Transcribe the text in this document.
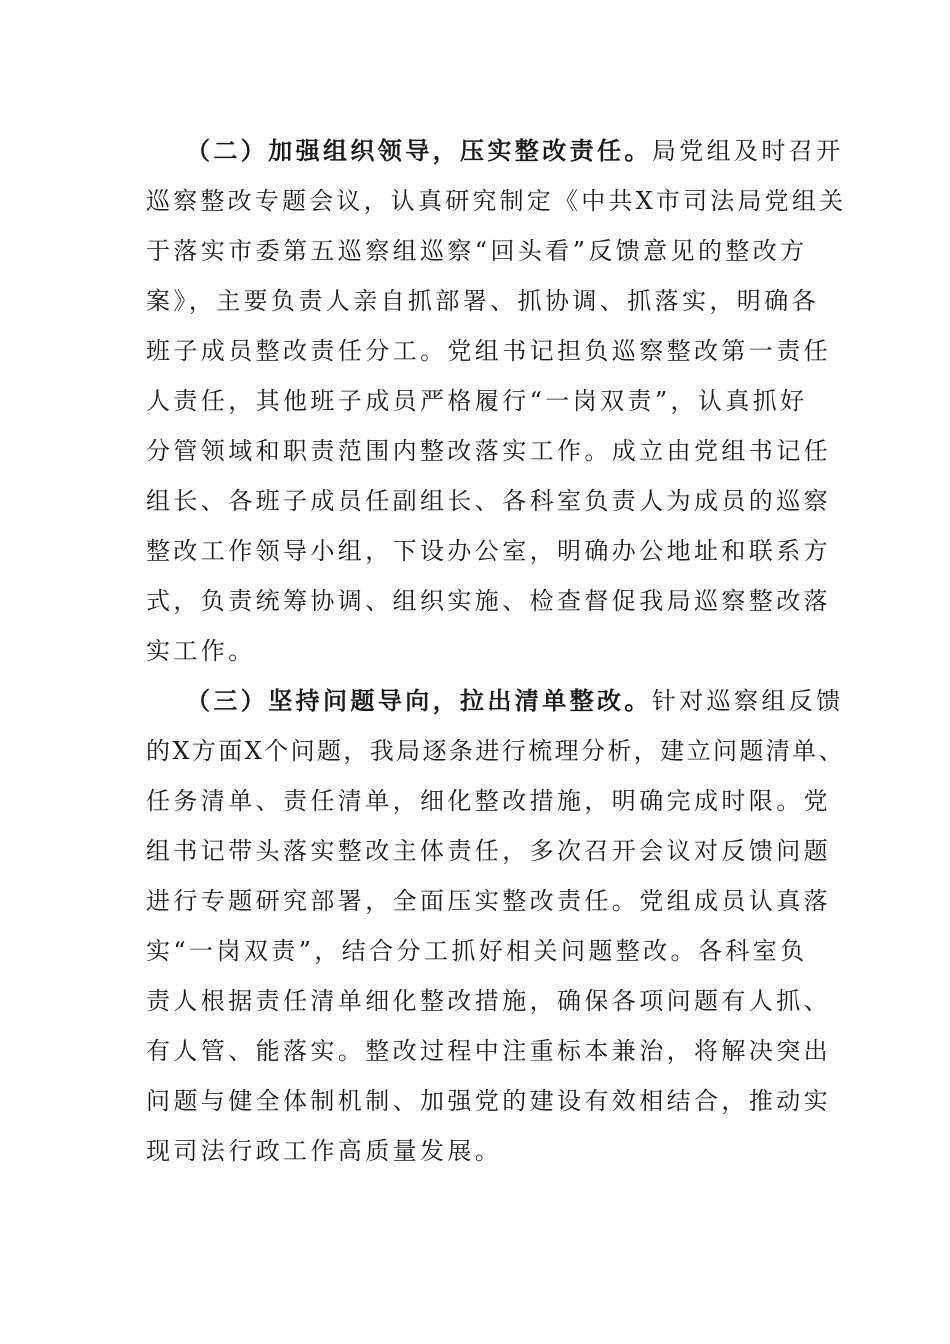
（二）加强组织领导，压实整改责任。局党组及时召开
巡察整改专题会议，认真研究制定《中共X市司法局党组关
于落实市委第五巡察组巡察“回头看”反馈意见的整改方
案》，主要负责人亲自抓部署、抓协调、抓落实，明确各
班子成员整改责任分工。党组书记担负巡察整改第一责任
人责任，其他班子成员严格履行“一岗双责”，认真抓好
分管领域和职责范围内整改落实工作。成立由党组书记任
组长、各班子成员任副组长、各科室负责人为成员的巡察
整改工作领导小组，下设办公室，明确办公地址和联系方
式，负责统筹协调、组织实施、检查督促我局巡察整改落
实工作。
（三）坚持问题导向，拉出清单整改。针对巡察组反馈
的X方面X个问题，我局逐条进行梳理分析，建立问题清单、
任务清单、责任清单，细化整改措施，明确完成时限。党
组书记带头落实整改主体责任，多次召开会议对反馈问题
进行专题研究部署，全面压实整改责任。党组成员认真落
实“一岗双责”，结合分工抓好相关问题整改。各科室负
责人根据责任清单细化整改措施，确保各项问题有人抓、
有人管、能落实。整改过程中注重标本兼治，将解决突出
问题与健全体制机制、加强党的建设有效相结合，推动实
现司法行政工作高质量发展。
